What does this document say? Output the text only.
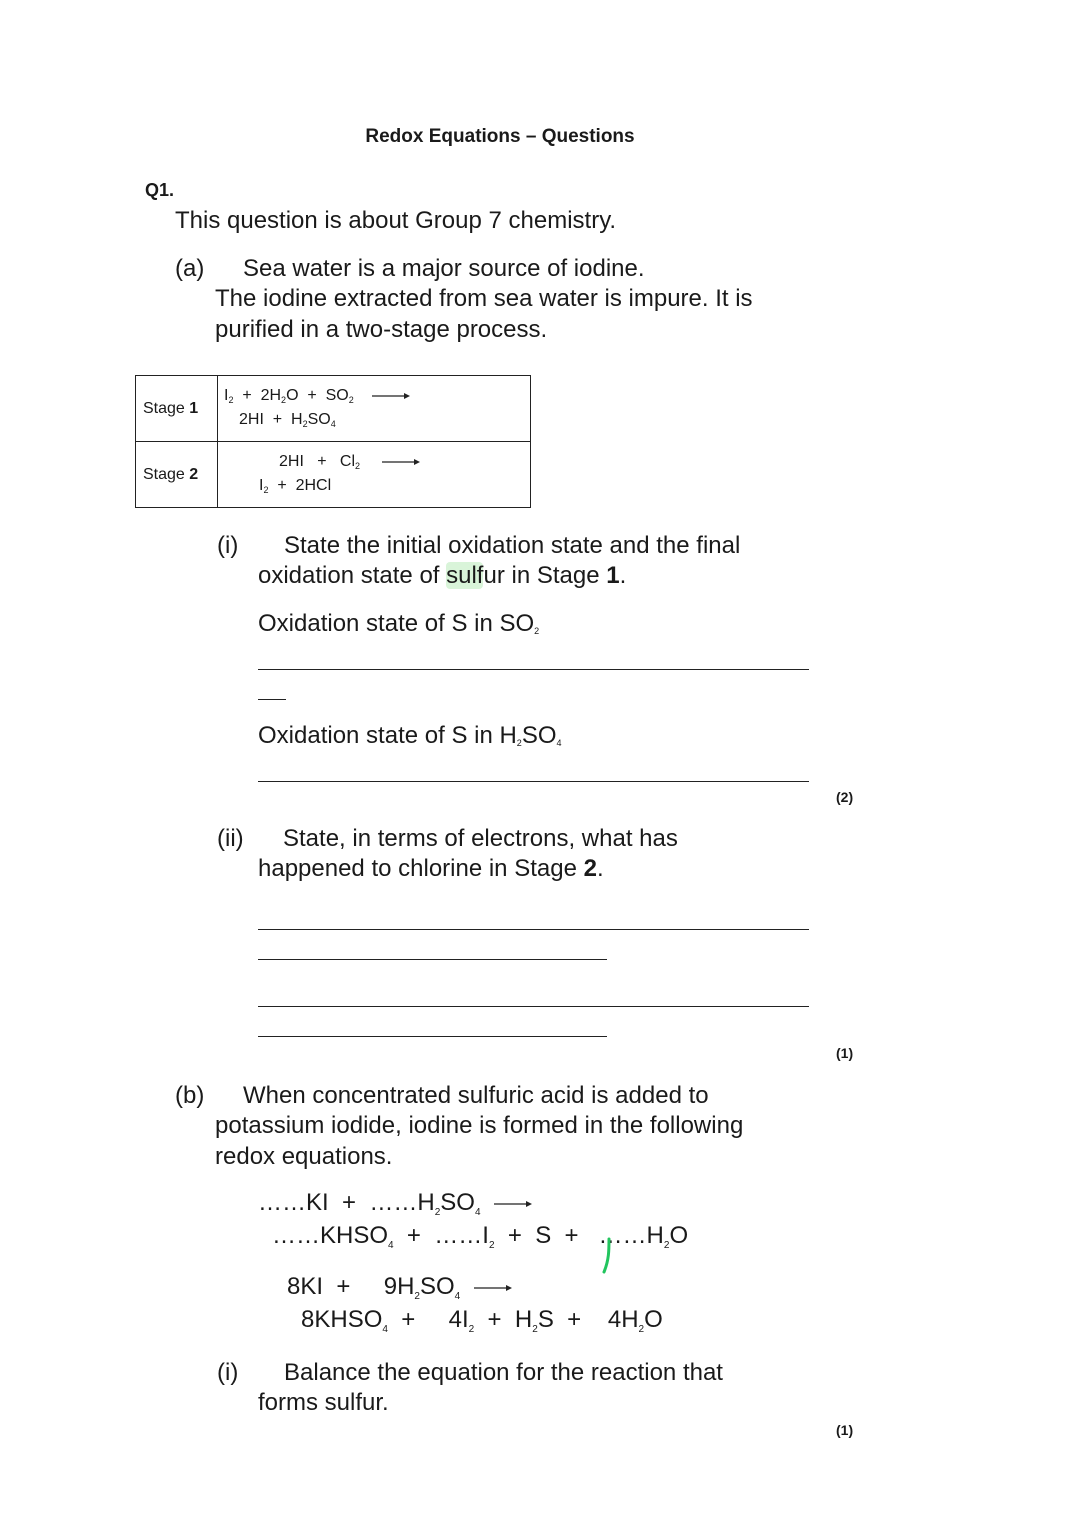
Redox Equations – Questions
Q1.
This question is about Group 7 chemistry.
(a) Sea water is a major source of iodine.
The iodine extracted from sea water is impure. It is
purified in a two-stage process.
Stage 1	$I_2 + 2H_2O + SO_2$
$2HI + H_2SO_4$

Stage 2	$2HI + Cl_2$
$I_2 + 2HCl$
(i) State the initial oxidation state and the final
oxidation state of sulfur in Stage 1.
Oxidation state of S in $SO_2$
Oxidation state of S in $H_2SO_4$
(2)
(ii) State, in terms of electrons, what has
happened to chlorine in Stage 2.
(1)
(b) When concentrated sulfuric acid is added to
potassium iodide, iodine is formed in the following
redox equations.
……KI  +  $\dots\dots H_2SO_4$
$\dots\dots KHSO_4$  +  $\dots\dots I_2 + S$  +   $\dots\dots H_2O$
8KI  +     $9H_2SO_4$
$8KHSO_4$  +     $4I_2 + H_2S$  +    $4H_2O$
(i) Balance the equation for the reaction that
forms sulfur.
(1)
